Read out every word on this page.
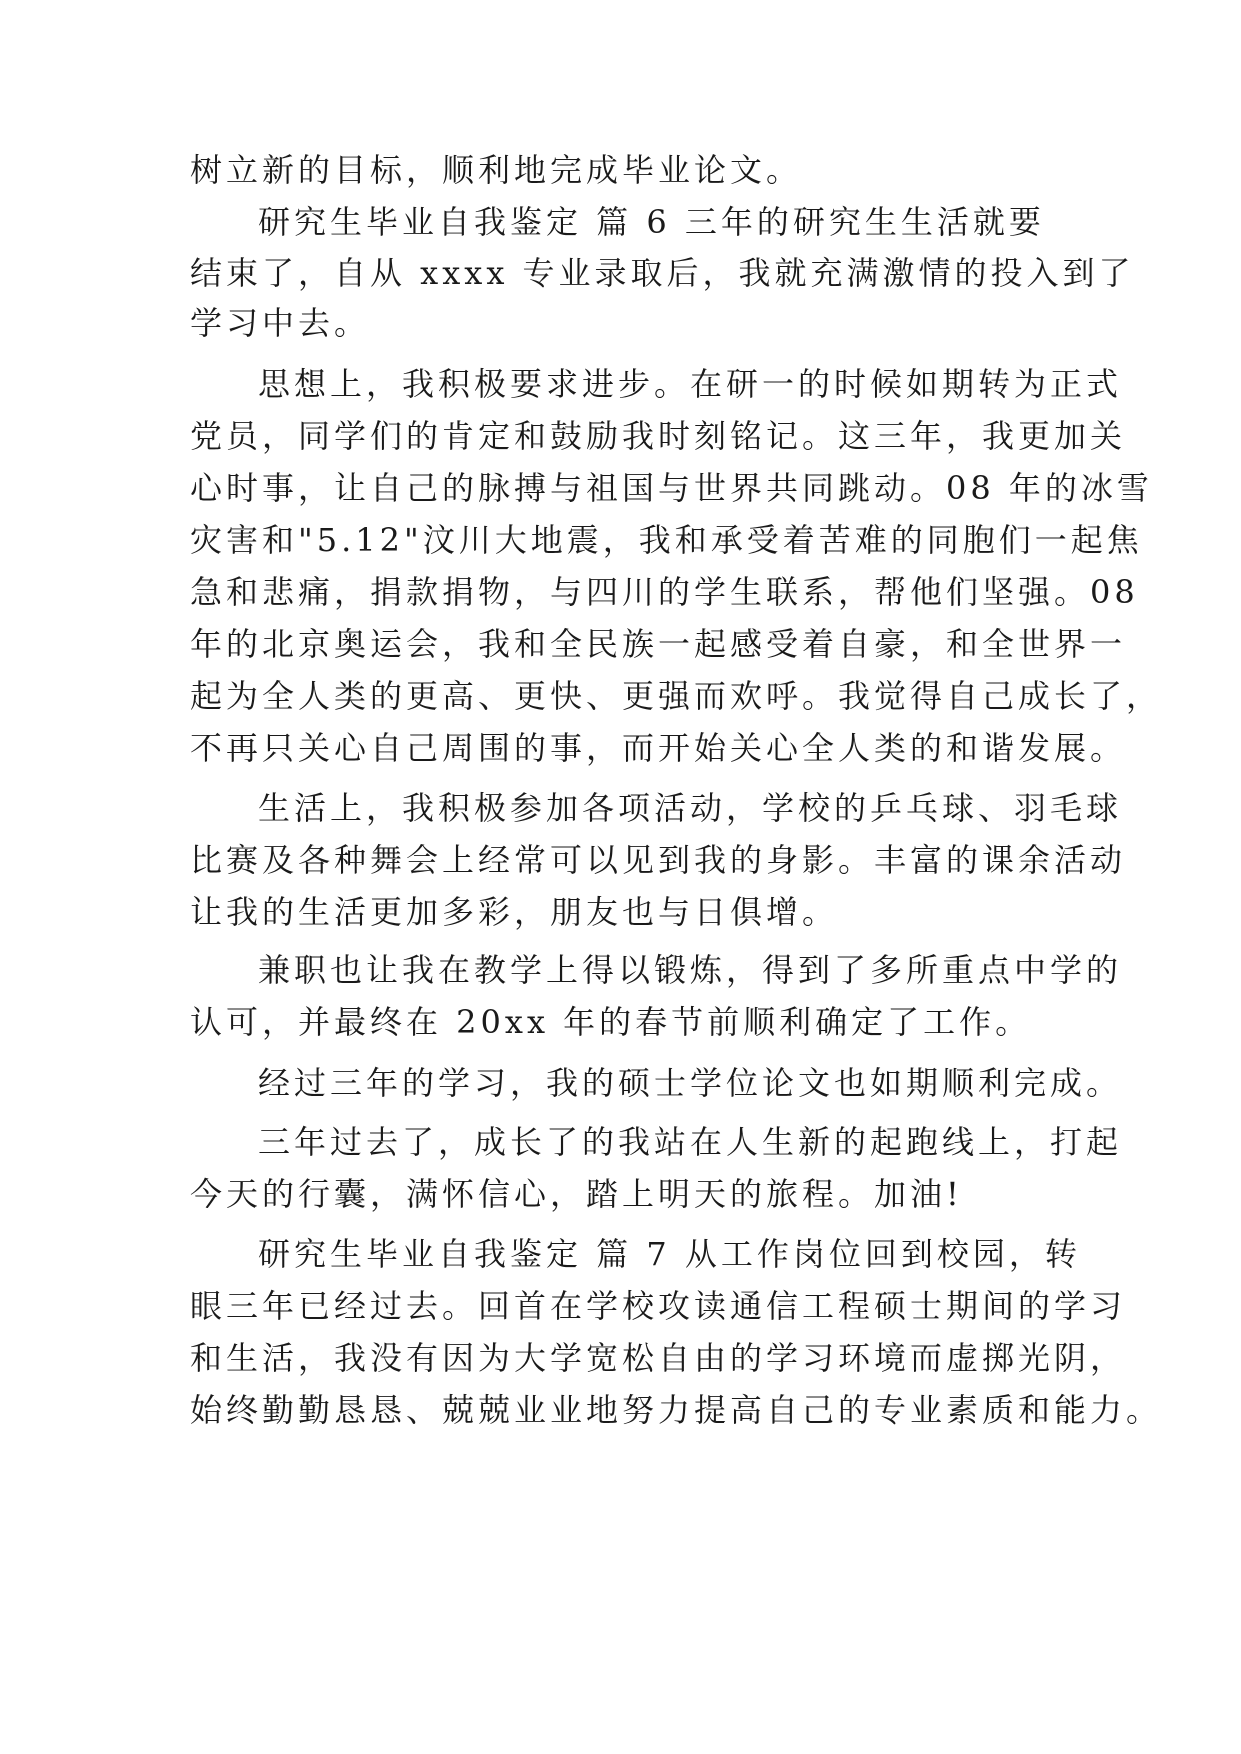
树立新的目标，顺利地完成毕业论文。
研究生毕业自我鉴定 篇 6 三年的研究生生活就要
结束了，自从 xxxx 专业录取后，我就充满激情的投入到了
学习中去。
思想上，我积极要求进步。在研一的时候如期转为正式
党员，同学们的肯定和鼓励我时刻铭记。这三年，我更加关
心时事，让自己的脉搏与祖国与世界共同跳动。08 年的冰雪
灾害和"5.12"汶川大地震，我和承受着苦难的同胞们一起焦
急和悲痛，捐款捐物，与四川的学生联系，帮他们坚强。08
年的北京奥运会，我和全民族一起感受着自豪，和全世界一
起为全人类的更高、更快、更强而欢呼。我觉得自己成长了，
不再只关心自己周围的事，而开始关心全人类的和谐发展。
生活上，我积极参加各项活动，学校的乒乓球、羽毛球
比赛及各种舞会上经常可以见到我的身影。丰富的课余活动
让我的生活更加多彩，朋友也与日俱增。
兼职也让我在教学上得以锻炼，得到了多所重点中学的
认可，并最终在 20xx 年的春节前顺利确定了工作。
经过三年的学习，我的硕士学位论文也如期顺利完成。
三年过去了，成长了的我站在人生新的起跑线上，打起
今天的行囊，满怀信心，踏上明天的旅程。加油!
研究生毕业自我鉴定 篇 7 从工作岗位回到校园，转
眼三年已经过去。回首在学校攻读通信工程硕士期间的学习
和生活，我没有因为大学宽松自由的学习环境而虚掷光阴，
始终勤勤恳恳、兢兢业业地努力提高自己的专业素质和能力。
